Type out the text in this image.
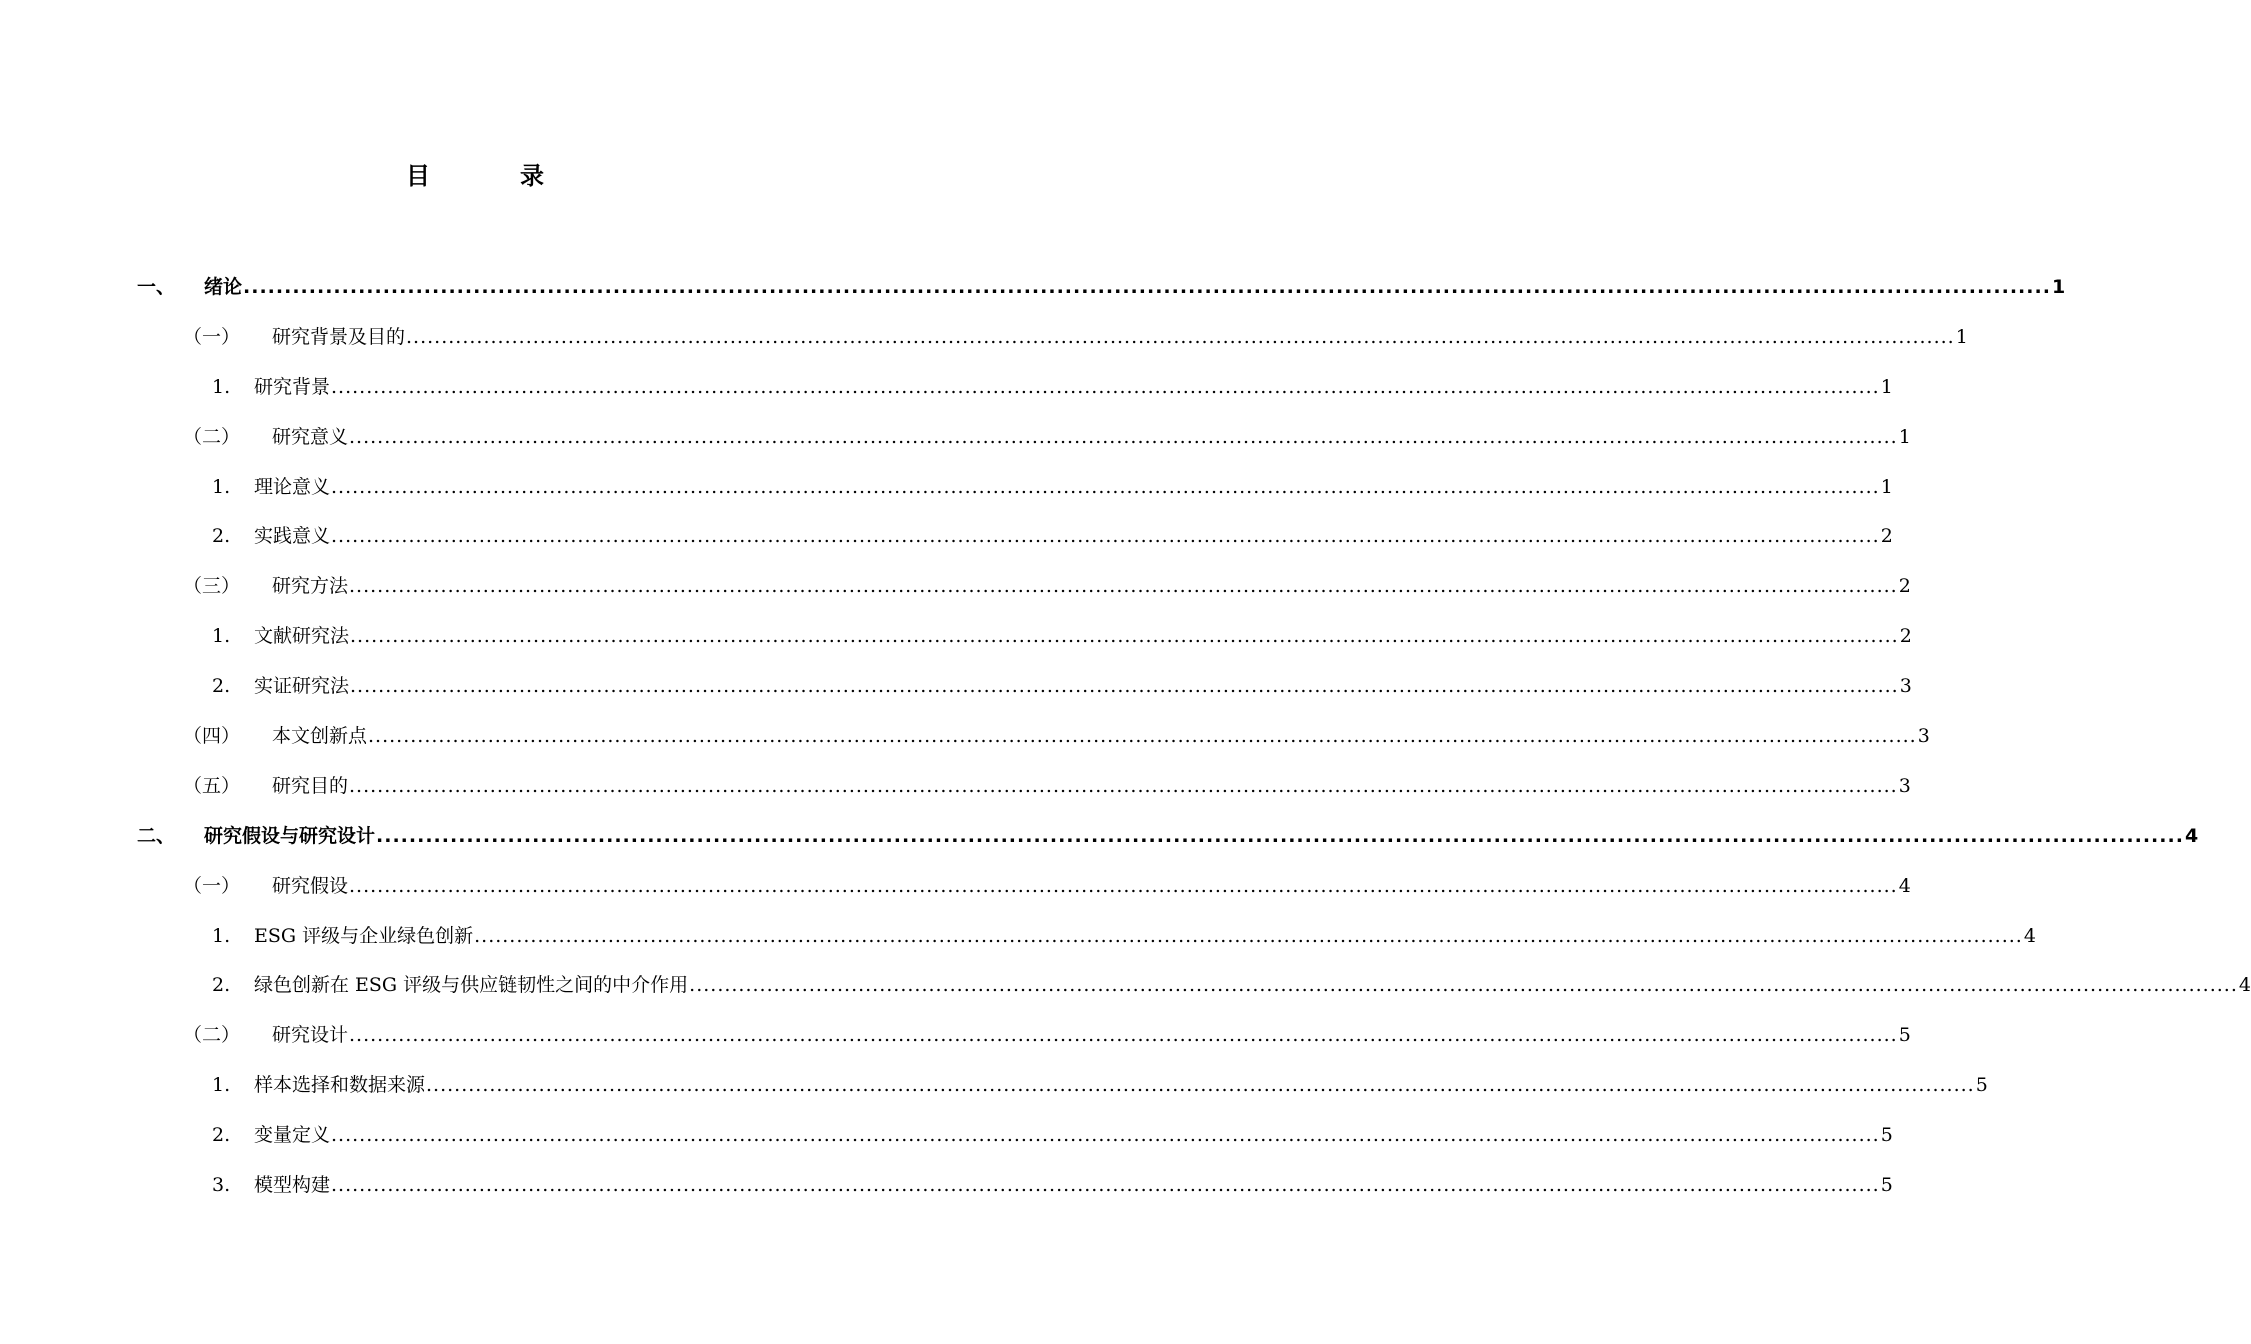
目	录
一、 绪论 ............................................................................................................................................................................................................................ 1
（一） 研究背景及目的 ............................................................................................................................................................................................................................ 1
1. 研究背景 ............................................................................................................................................................................................................................ 1
（二） 研究意义 ............................................................................................................................................................................................................................ 1
1. 理论意义 ............................................................................................................................................................................................................................ 1
2. 实践意义 ............................................................................................................................................................................................................................ 2
（三） 研究方法 ............................................................................................................................................................................................................................ 2
1. 文献研究法 ............................................................................................................................................................................................................................ 2
2. 实证研究法 ............................................................................................................................................................................................................................ 3
（四） 本文创新点 ............................................................................................................................................................................................................................ 3
（五） 研究目的 ............................................................................................................................................................................................................................ 3
二、 研究假设与研究设计 ............................................................................................................................................................................................................................ 4
（一） 研究假设 ............................................................................................................................................................................................................................ 4
1. ESG 评级与企业绿色创新 ............................................................................................................................................................................................................................ 4
2. 绿色创新在 ESG 评级与供应链韧性之间的中介作用 ............................................................................................................................................................................................................................ 4
（二） 研究设计 ............................................................................................................................................................................................................................ 5
1. 样本选择和数据来源 ............................................................................................................................................................................................................................ 5
2. 变量定义 ............................................................................................................................................................................................................................ 5
3. 模型构建 ............................................................................................................................................................................................................................ 5
